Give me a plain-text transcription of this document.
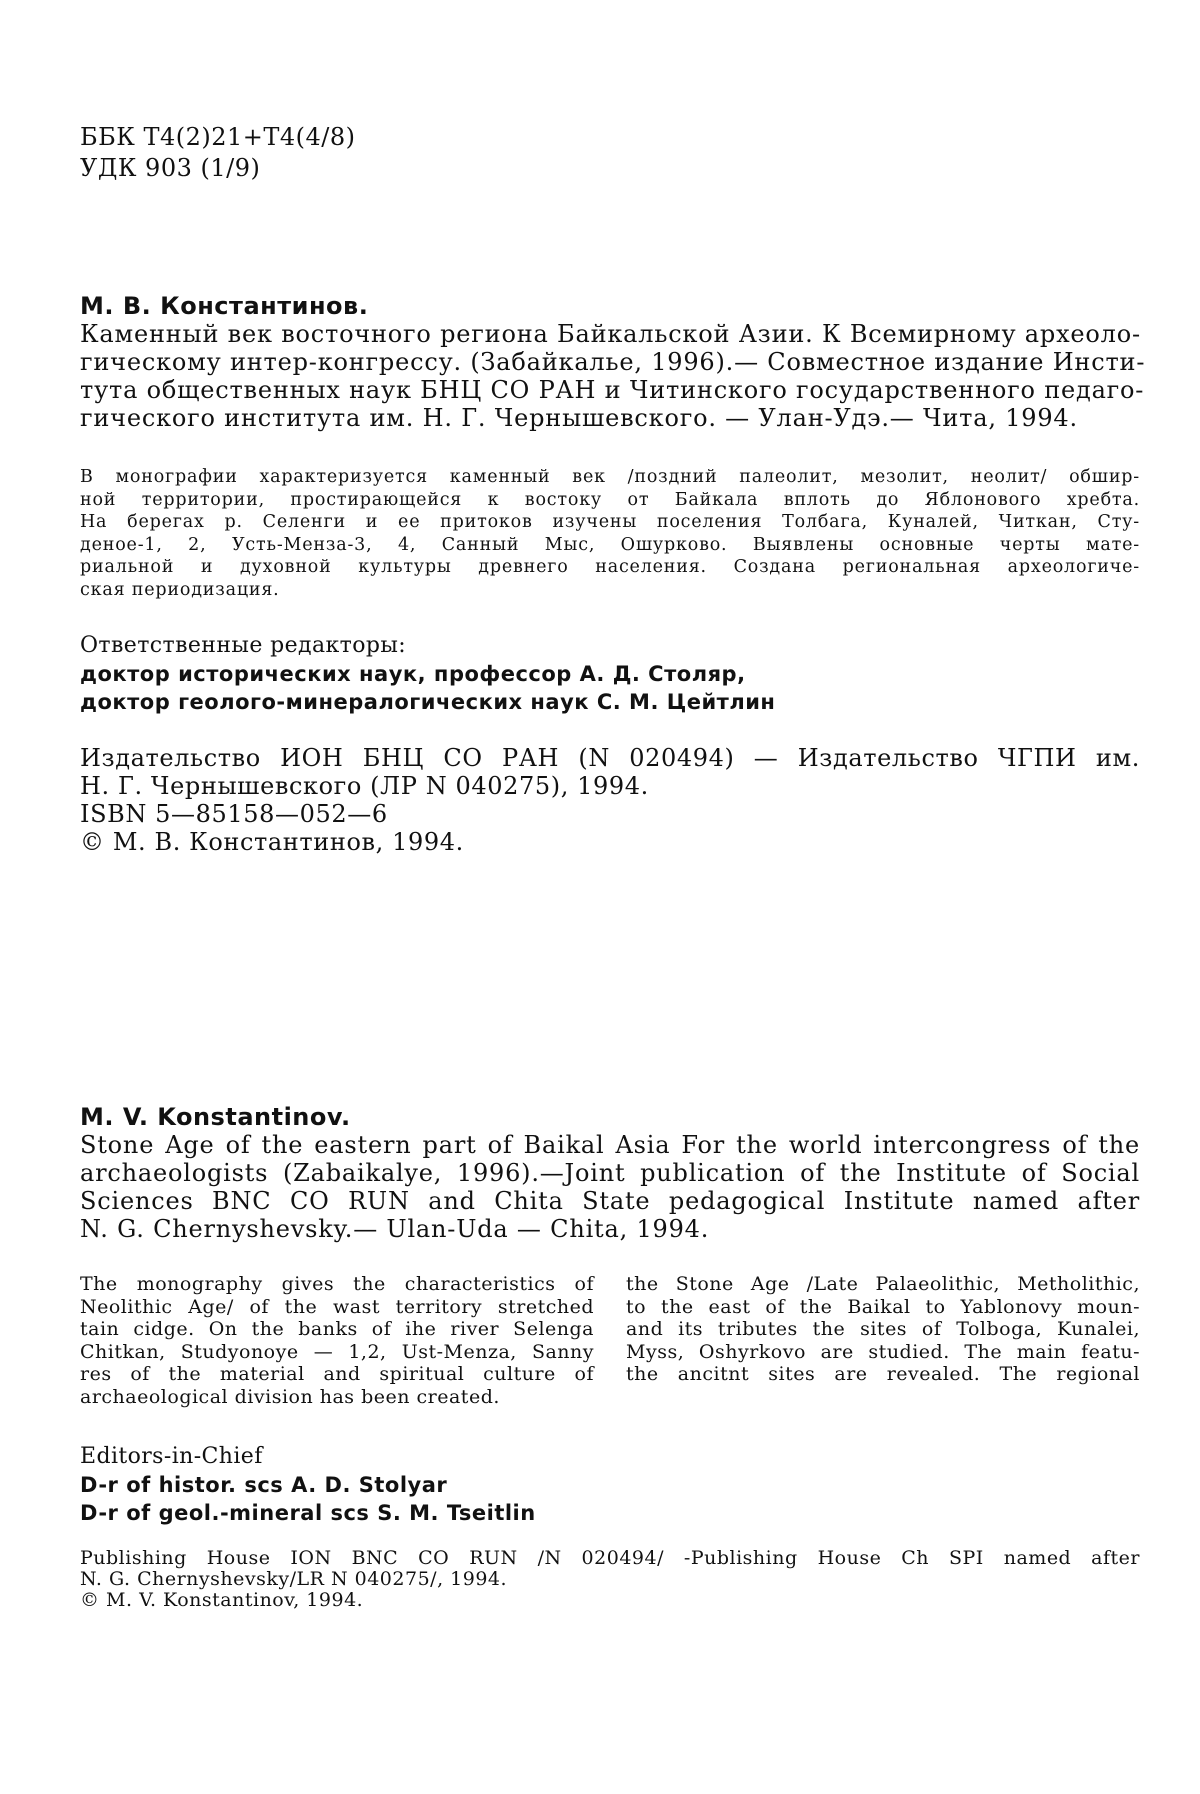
ББК Т4(2)21+Т4(4/8)
УДК 903 (1/9)
М. В. Константинов.
Каменный век восточного региона Байкальской Азии. К Всемирному археоло-
гическому интер-конгрессу. (Забайкалье, 1996).— Совместное издание Инсти-
тута общественных наук БНЦ СО РАН и Читинского государственного педаго-
гического института им. Н. Г. Чернышевского. — Улан-Удэ.— Чита, 1994.
В монографии характеризуется каменный век /поздний палеолит, мезолит, неолит/ обшир-
ной территории, простирающейся к востоку от Байкала вплоть до Яблонового хребта.
На берегах р. Селенги и ее притоков изучены поселения Толбага, Куналей, Читкан, Сту-
деное-1, 2, Усть-Менза-3, 4, Санный Мыс, Ошурково. Выявлены основные черты мате-
риальной и духовной культуры древнего населения. Создана региональная археологиче-
ская периодизация.
Ответственные редакторы:
доктор исторических наук, профессор А. Д. Столяр,
доктор геолого-минералогических наук С. М. Цейтлин
Издательство ИОН БНЦ СО РАН (N 020494) — Издательство ЧГПИ им.
Н. Г. Чернышевского (ЛР N 040275), 1994.
ISBN 5—85158—052—6
© М. В. Константинов, 1994.
M. V. Konstantinov.
Stone Age of the eastern part of Baikal Asia For the world intercongress of the
archaeologists (Zabaikalye, 1996).—Joint publication of the Institute of Social
Sciences BNC CO RUN and Chita State pedagogical Institute named after
N. G. Chernyshevsky.— Ulan-Uda — Chita, 1994.
The monography gives the characteristics of
Neolithic Age/ of the wast territory stretched
tain cidge. On the banks of ihe river Selenga
Chitkan, Studyonoye — 1,2, Ust-Menza, Sanny
res of the material and spiritual culture of
archaeological division has been created.
the Stone Age /Late Palaeolithic, Metholithic,
to the east of the Baikal to Yablonovy moun-
and its tributes the sites of Tolboga, Kunalei,
Myss, Oshyrkovo are studied. The main featu-
the ancitnt sites are revealed. The regional
Editors-in-Chief
D-r of histor. scs A. D. Stolyar
D-r of geol.-mineral scs S. M. Tseitlin
Publishing House ION BNC CO RUN /N 020494/ -Publishing House Ch SPI named after
N. G. Chernyshevsky/LR N 040275/, 1994.
© M. V. Konstantinov, 1994.
